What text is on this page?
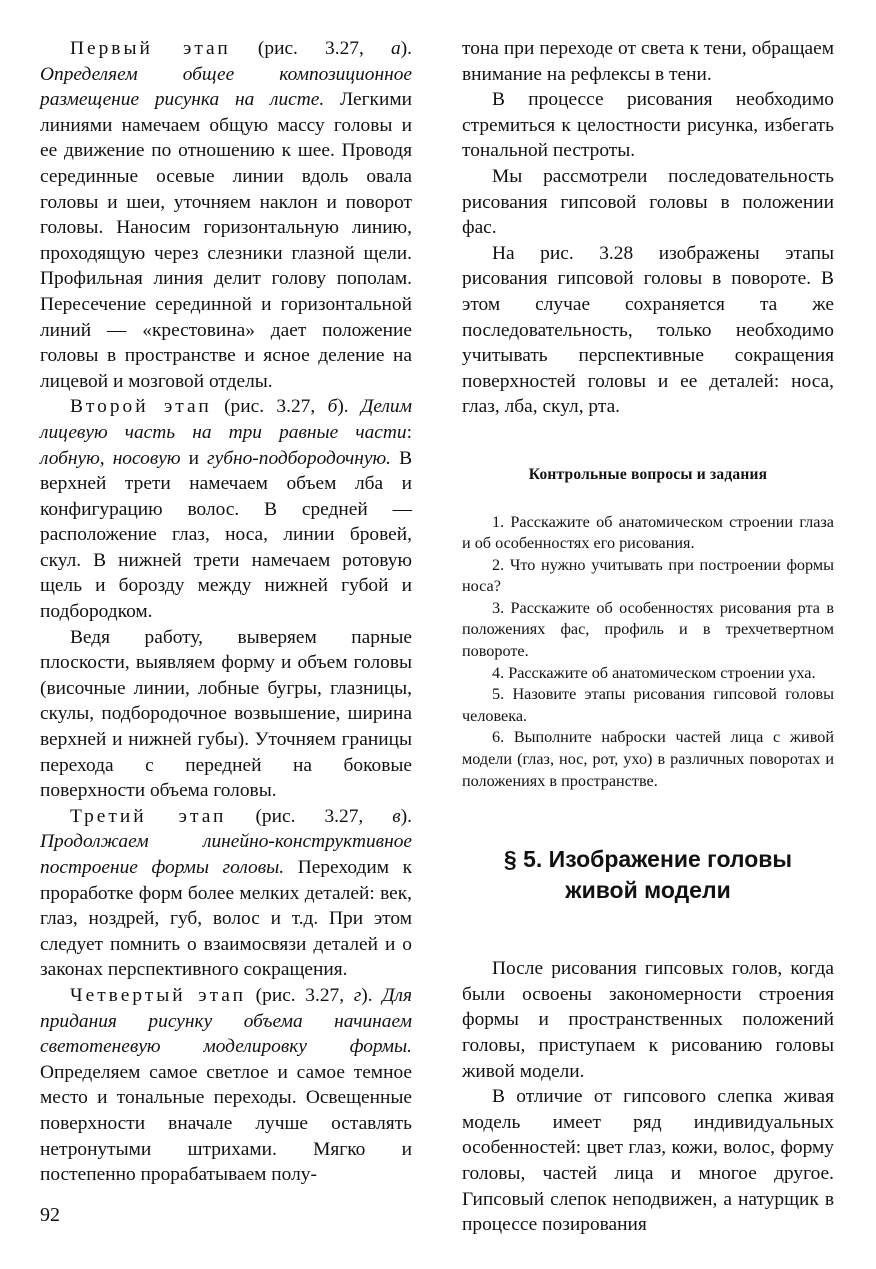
Первый этап (рис. 3.27, а). Определяем общее композиционное размещение рисунка на листе. Легкими линиями намечаем общую массу головы и ее движение по отношению к шее. Проводя серединные осевые линии вдоль овала головы и шеи, уточняем наклон и поворот головы. Наносим горизонтальную линию, проходящую через слезники глазной щели. Профильная линия делит голову пополам. Пересечение серединной и горизонтальной линий — «крестовина» дает положение головы в пространстве и ясное деление на лицевой и мозговой отделы.

Второй этап (рис. 3.27, б). Делим лицевую часть на три равные части: лобную, носовую и губно-подбородочную. В верхней трети намечаем объем лба и конфигурацию волос. В средней — расположение глаз, носа, линии бровей, скул. В нижней трети намечаем ротовую щель и борозду между нижней губой и подбородком.

Ведя работу, выверяем парные плоскости, выявляем форму и объем головы (височные линии, лобные бугры, глазницы, скулы, подбородочное возвышение, ширина верхней и нижней губы). Уточняем границы перехода с передней на боковые поверхности объема головы.

Третий этап (рис. 3.27, в). Продолжаем линейно-конструктивное построение формы головы. Переходим к проработке форм более мелких деталей: век, глаз, ноздрей, губ, волос и т.д. При этом следует помнить о взаимосвязи деталей и о законах перспективного сокращения.

Четвертый этап (рис. 3.27, г). Для придания рисунку объема начинаем светотеневую моделировку формы. Определяем самое светлое и самое темное место и тональные переходы. Освещенные поверхности вначале лучше оставлять нетронутыми штрихами. Мягко и постепенно прорабатываем полу-

тона при переходе от света к тени, обращаем внимание на рефлексы в тени.

В процессе рисования необходимо стремиться к целостности рисунка, избегать тональной пестроты.

Мы рассмотрели последовательность рисования гипсовой головы в положении фас.

На рис. 3.28 изображены этапы рисования гипсовой головы в повороте. В этом случае сохраняется та же последовательность, только необходимо учитывать перспективные сокращения поверхностей головы и ее деталей: носа, глаз, лба, скул, рта.

Контрольные вопросы и задания

1. Расскажите об анатомическом строении глаза и об особенностях его рисования.

2. Что нужно учитывать при построении формы носа?

3. Расскажите об особенностях рисования рта в положениях фас, профиль и в трехчетвертном повороте.

4. Расскажите об анатомическом строении уха.

5. Назовите этапы рисования гипсовой головы человека.

6. Выполните наброски частей лица с живой модели (глаз, нос, рот, ухо) в различных поворотах и положениях в пространстве.

§ 5. Изображение головы
живой модели

После рисования гипсовых голов, когда были освоены закономерности строения формы и пространственных положений головы, приступаем к рисованию головы живой модели.

В отличие от гипсового слепка живая модель имеет ряд индивидуальных особенностей: цвет глаз, кожи, волос, форму головы, частей лица и многое другое. Гипсовый слепок неподвижен, а натурщик в процессе позирования

92
